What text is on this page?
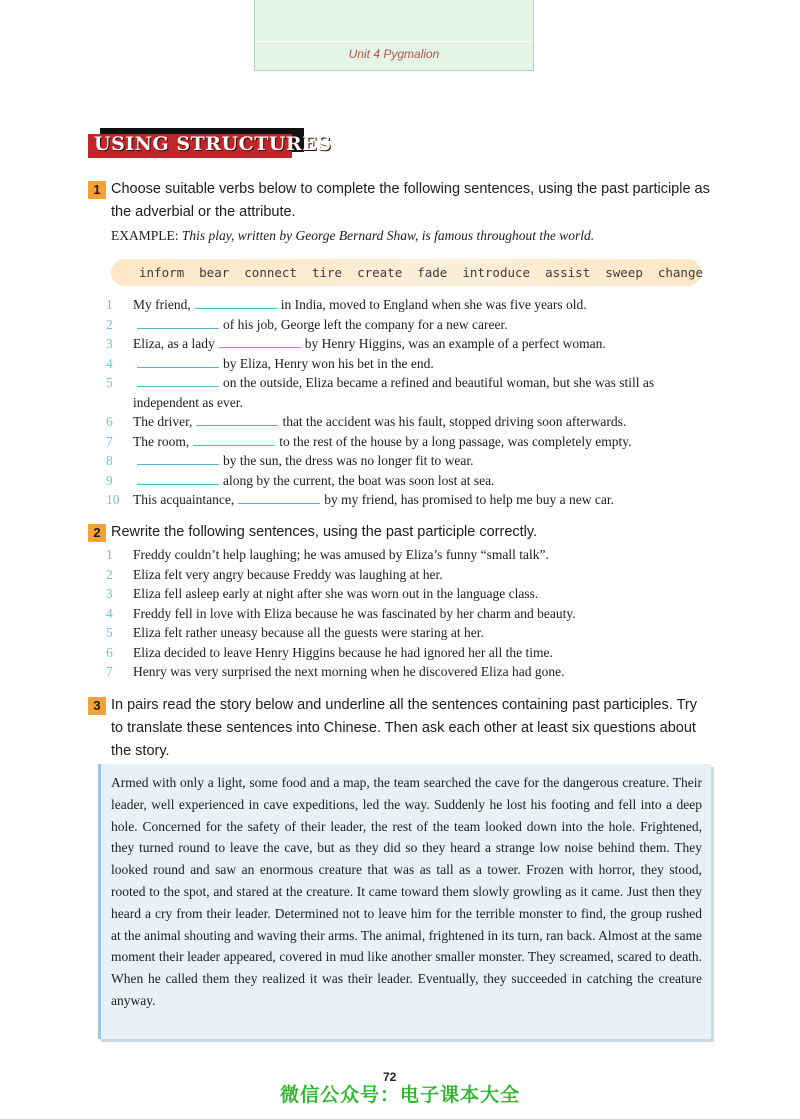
Unit 4 Pygmalion
USING STRUCTURES
1 Choose suitable verbs below to complete the following sentences, using the past participle as the adverbial or the attribute.
EXAMPLE: This play, written by George Bernard Shaw, is famous throughout the world.
inform bear connect tire create fade introduce assist sweep change
1	My friend,	in India, moved to England when she was five years old.
2	of his job, George left the company for a new career.
3	Eliza, as a lady	by Henry Higgins, was an example of a perfect woman.
4	by Eliza, Henry won his bet in the end.
5	on the outside, Eliza became a refined and beautiful woman, but she was still as independent as ever.
6	The driver,	that the accident was his fault, stopped driving soon afterwards.
7	The room,	to the rest of the house by a long passage, was completely empty.
8	by the sun, the dress was no longer fit to wear.
9	along by the current, the boat was soon lost at sea.
10	This acquaintance,	by my friend, has promised to help me buy a new car.
2 Rewrite the following sentences, using the past participle correctly.
1	Freddy couldn’t help laughing; he was amused by Eliza’s funny “small talk”.
2	Eliza felt very angry because Freddy was laughing at her.
3	Eliza fell asleep early at night after she was worn out in the language class.
4	Freddy fell in love with Eliza because he was fascinated by her charm and beauty.
5	Eliza felt rather uneasy because all the guests were staring at her.
6	Eliza decided to leave Henry Higgins because he had ignored her all the time.
7	Henry was very surprised the next morning when he discovered Eliza had gone.
3 In pairs read the story below and underline all the sentences containing past participles. Try to translate these sentences into Chinese. Then ask each other at least six questions about the story.

Armed with only a light, some food and a map, the team searched the cave for the dangerous creature. Their leader, well experienced in cave expeditions, led the way. Suddenly he lost his footing and fell into a deep hole. Concerned for the safety of their leader, the rest of the team looked down into the hole. Frightened, they turned round to leave the cave, but as they did so they heard a strange low noise behind them. They looked round and saw an enormous creature that was as tall as a tower. Frozen with horror, they stood, rooted to the spot, and stared at the creature. It came toward them slowly growling as it came. Just then they heard a cry from their leader. Determined not to leave him for the terrible monster to find, the group rushed at the animal shouting and waving their arms. The animal, frightened in its turn, ran back. Almost at the same moment their leader appeared, covered in mud like another smaller monster. They screamed, scared to death. When he called them they realized it was their leader. Eventually, they succeeded in catching the creature anyway.

72
微信公众号：电子课本大全
